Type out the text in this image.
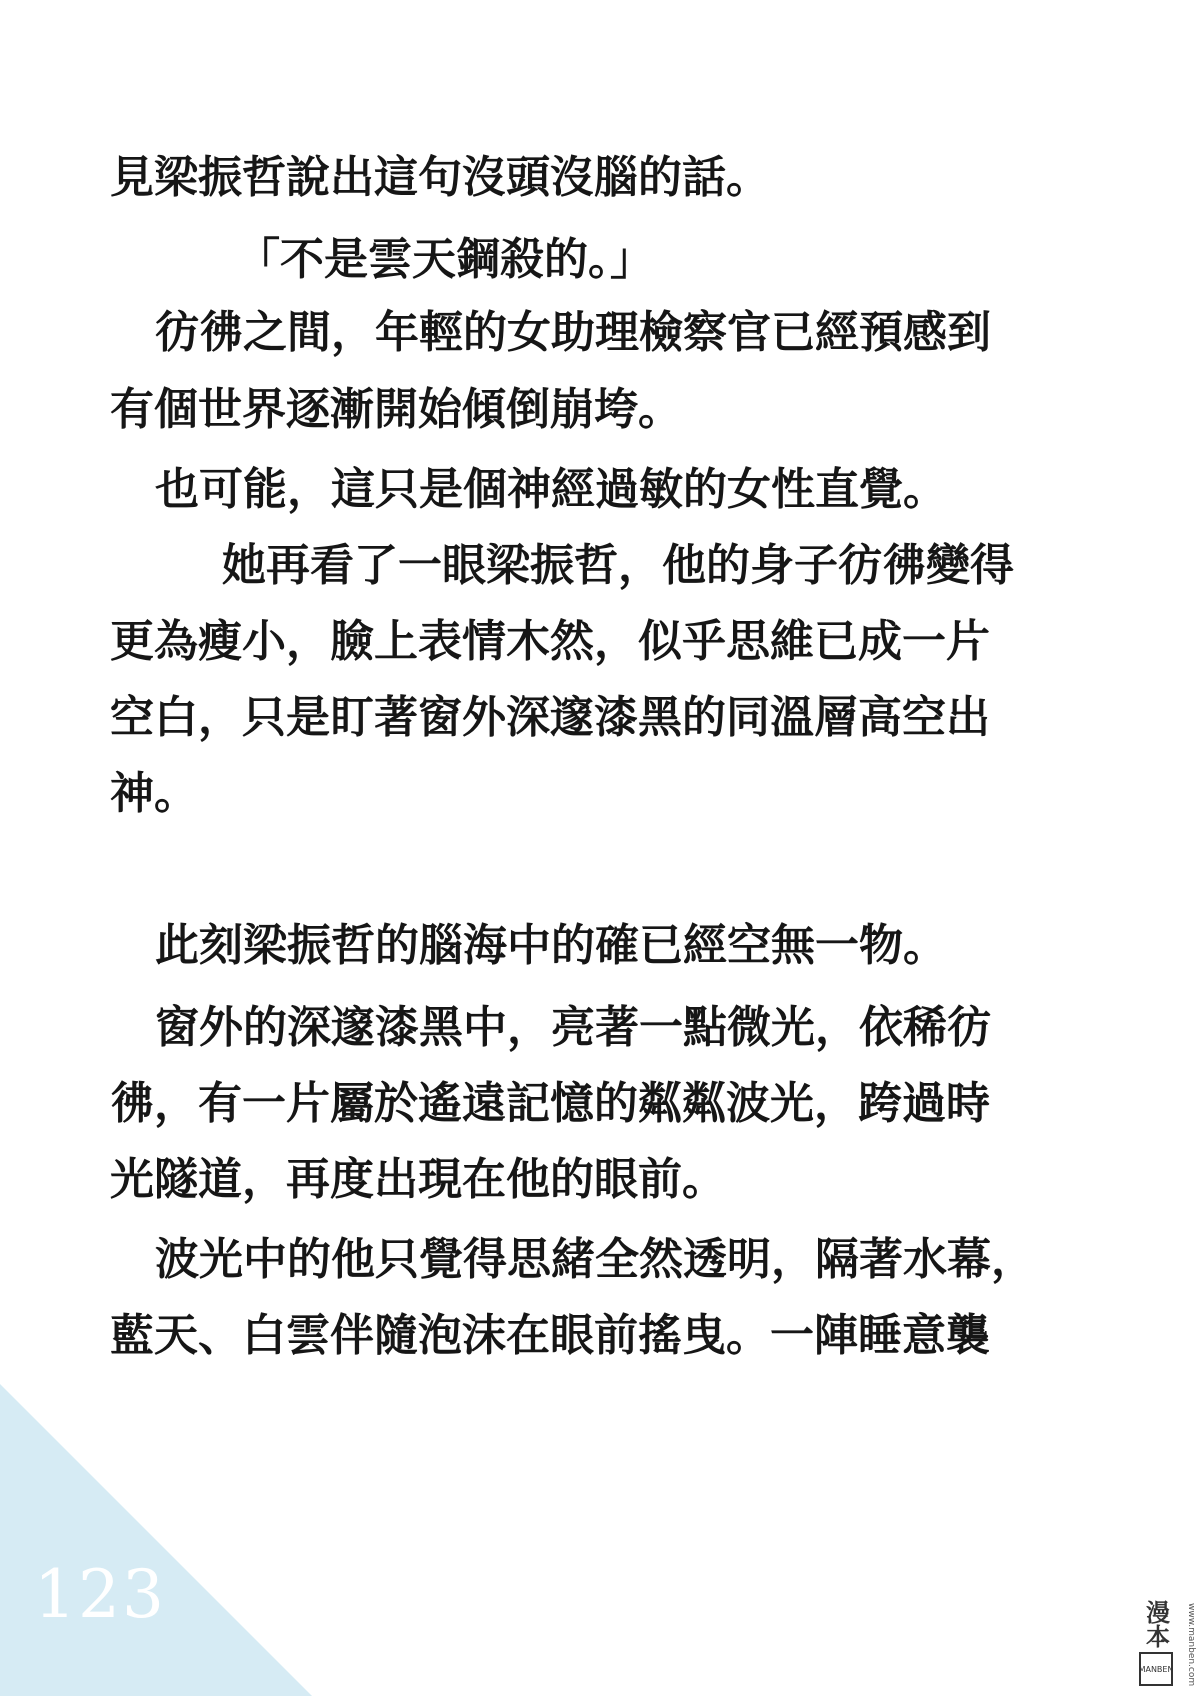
123
見梁振哲說出這句沒頭沒腦的話。
「不是雲天鋼殺的。」
彷彿之間，年輕的女助理檢察官已經預感到
有個世界逐漸開始傾倒崩垮。
也可能，這只是個神經過敏的女性直覺。
她再看了一眼梁振哲，他的身子彷彿變得
更為瘦小，臉上表情木然，似乎思維已成一片
空白，只是盯著窗外深邃漆黑的同溫層高空出
神。
此刻梁振哲的腦海中的確已經空無一物。
窗外的深邃漆黑中，亮著一點微光，依稀彷
彿，有一片屬於遙遠記憶的粼粼波光，跨過時
光隧道，再度出現在他的眼前。
波光中的他只覺得思緒全然透明，隔著水幕，
藍天、白雲伴隨泡沫在眼前搖曳。一陣睡意襲
漫本
MANBEN www.manben.com
